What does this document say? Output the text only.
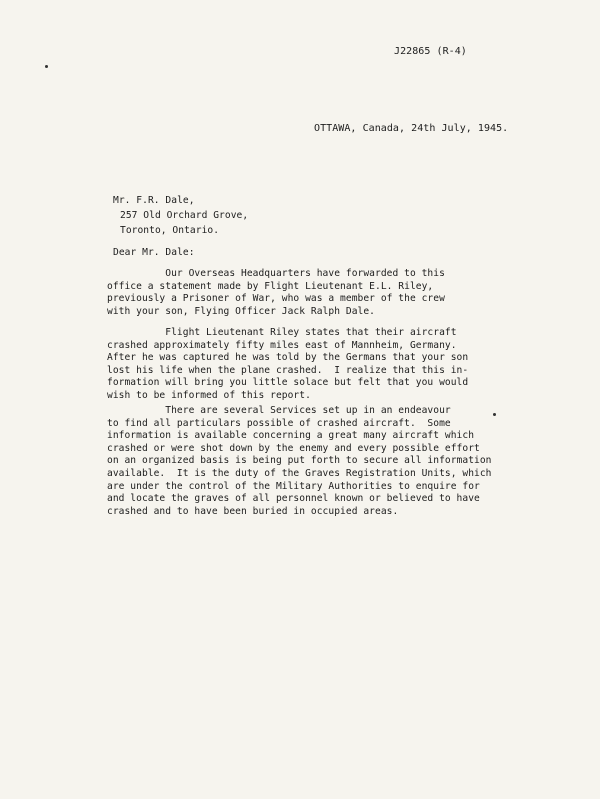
J22865 (R-4)
OTTAWA, Canada, 24th July, 1945.
Mr. F.R. Dale,
257 Old Orchard Grove,
Toronto, Ontario.
Dear Mr. Dale:
Our Overseas Headquarters have forwarded to this
office a statement made by Flight Lieutenant E.L. Riley,
previously a Prisoner of War, who was a member of the crew
with your son, Flying Officer Jack Ralph Dale.
Flight Lieutenant Riley states that their aircraft
crashed approximately fifty miles east of Mannheim, Germany.
After he was captured he was told by the Germans that your son
lost his life when the plane crashed.  I realize that this in-
formation will bring you little solace but felt that you would
wish to be informed of this report.
There are several Services set up in an endeavour
to find all particulars possible of crashed aircraft.  Some
information is available concerning a great many aircraft which
crashed or were shot down by the enemy and every possible effort
on an organized basis is being put forth to secure all information
available.  It is the duty of the Graves Registration Units, which
are under the control of the Military Authorities to enquire for
and locate the graves of all personnel known or believed to have
crashed and to have been buried in occupied areas.
